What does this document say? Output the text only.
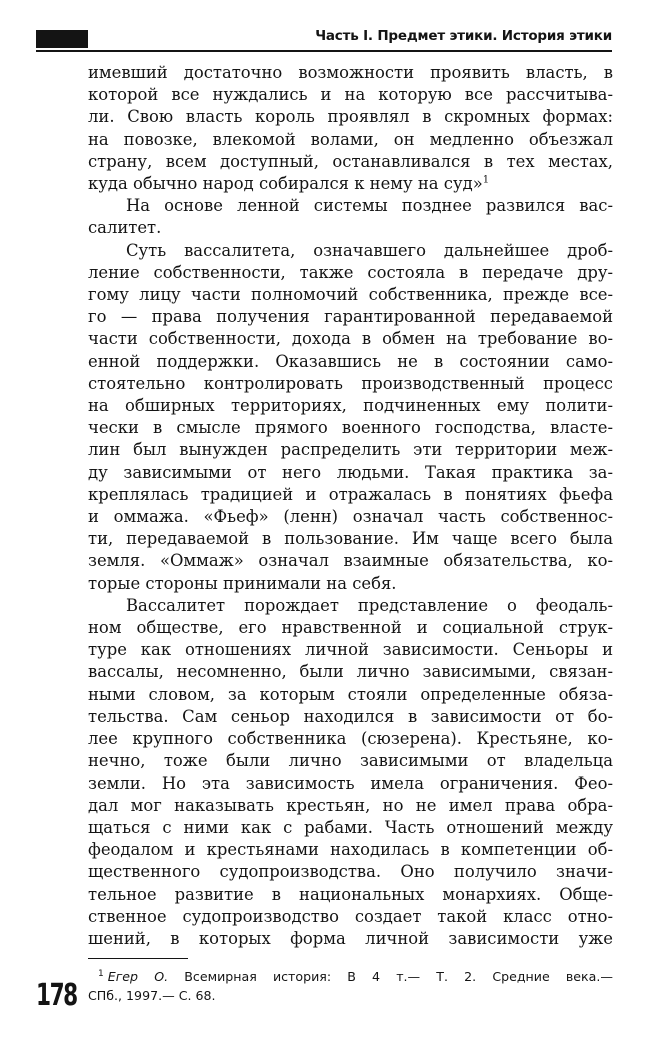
Часть I. Предмет этики. История этики

имевший достаточно возможности проявить власть, в
которой все нуждались и на которую все рассчитыва-
ли. Свою власть король проявлял в скромных формах:
на повозке, влекомой волами, он медленно объезжал
страну, всем доступный, останавливался в тех местах,
куда обычно народ собирался к нему на суд»$^1$

На основе ленной системы позднее развился вас-
салитет.

Суть вассалитета, означавшего дальнейшее дроб-
ление собственности, также состояла в передаче дру-
гому лицу части полномочий собственника, прежде все-
го — права получения гарантированной передаваемой
части собственности, дохода в обмен на требование во-
енной поддержки. Оказавшись не в состоянии само-
стоятельно контролировать производственный процесс
на обширных территориях, подчиненных ему полити-
чески в смысле прямого военного господства, власте-
лин был вынужден распределить эти территории меж-
ду зависимыми от него людьми. Такая практика за-
креплялась традицией и отражалась в понятиях фьефа
и оммажа. «Фьеф» (ленн) означал часть собственнос-
ти, передаваемой в пользование. Им чаще всего была
земля. «Оммаж» означал взаимные обязательства, ко-
торые стороны принимали на себя.

Вассалитет порождает представление о феодаль-
ном обществе, его нравственной и социальной струк-
туре как отношениях личной зависимости. Сеньоры и
вассалы, несомненно, были лично зависимыми, связан-
ными словом, за которым стояли определенные обяза-
тельства. Сам сеньор находился в зависимости от бо-
лее крупного собственника (сюзерена). Крестьяне, ко-
нечно, тоже были лично зависимыми от владельца
земли. Но эта зависимость имела ограничения. Фео-
дал мог наказывать крестьян, но не имел права обра-
щаться с ними как с рабами. Часть отношений между
феодалом и крестьянами находилась в компетенции об-
щественного судопроизводства. Оно получило значи-
тельное развитие в национальных монархиях. Обще-
ственное судопроизводство создает такой класс отно-
шений, в которых форма личной зависимости уже

$^1$ Егер О. Всемирная история: В 4 т.— Т. 2. Средние века.—
СПб., 1997.— С. 68.
178
